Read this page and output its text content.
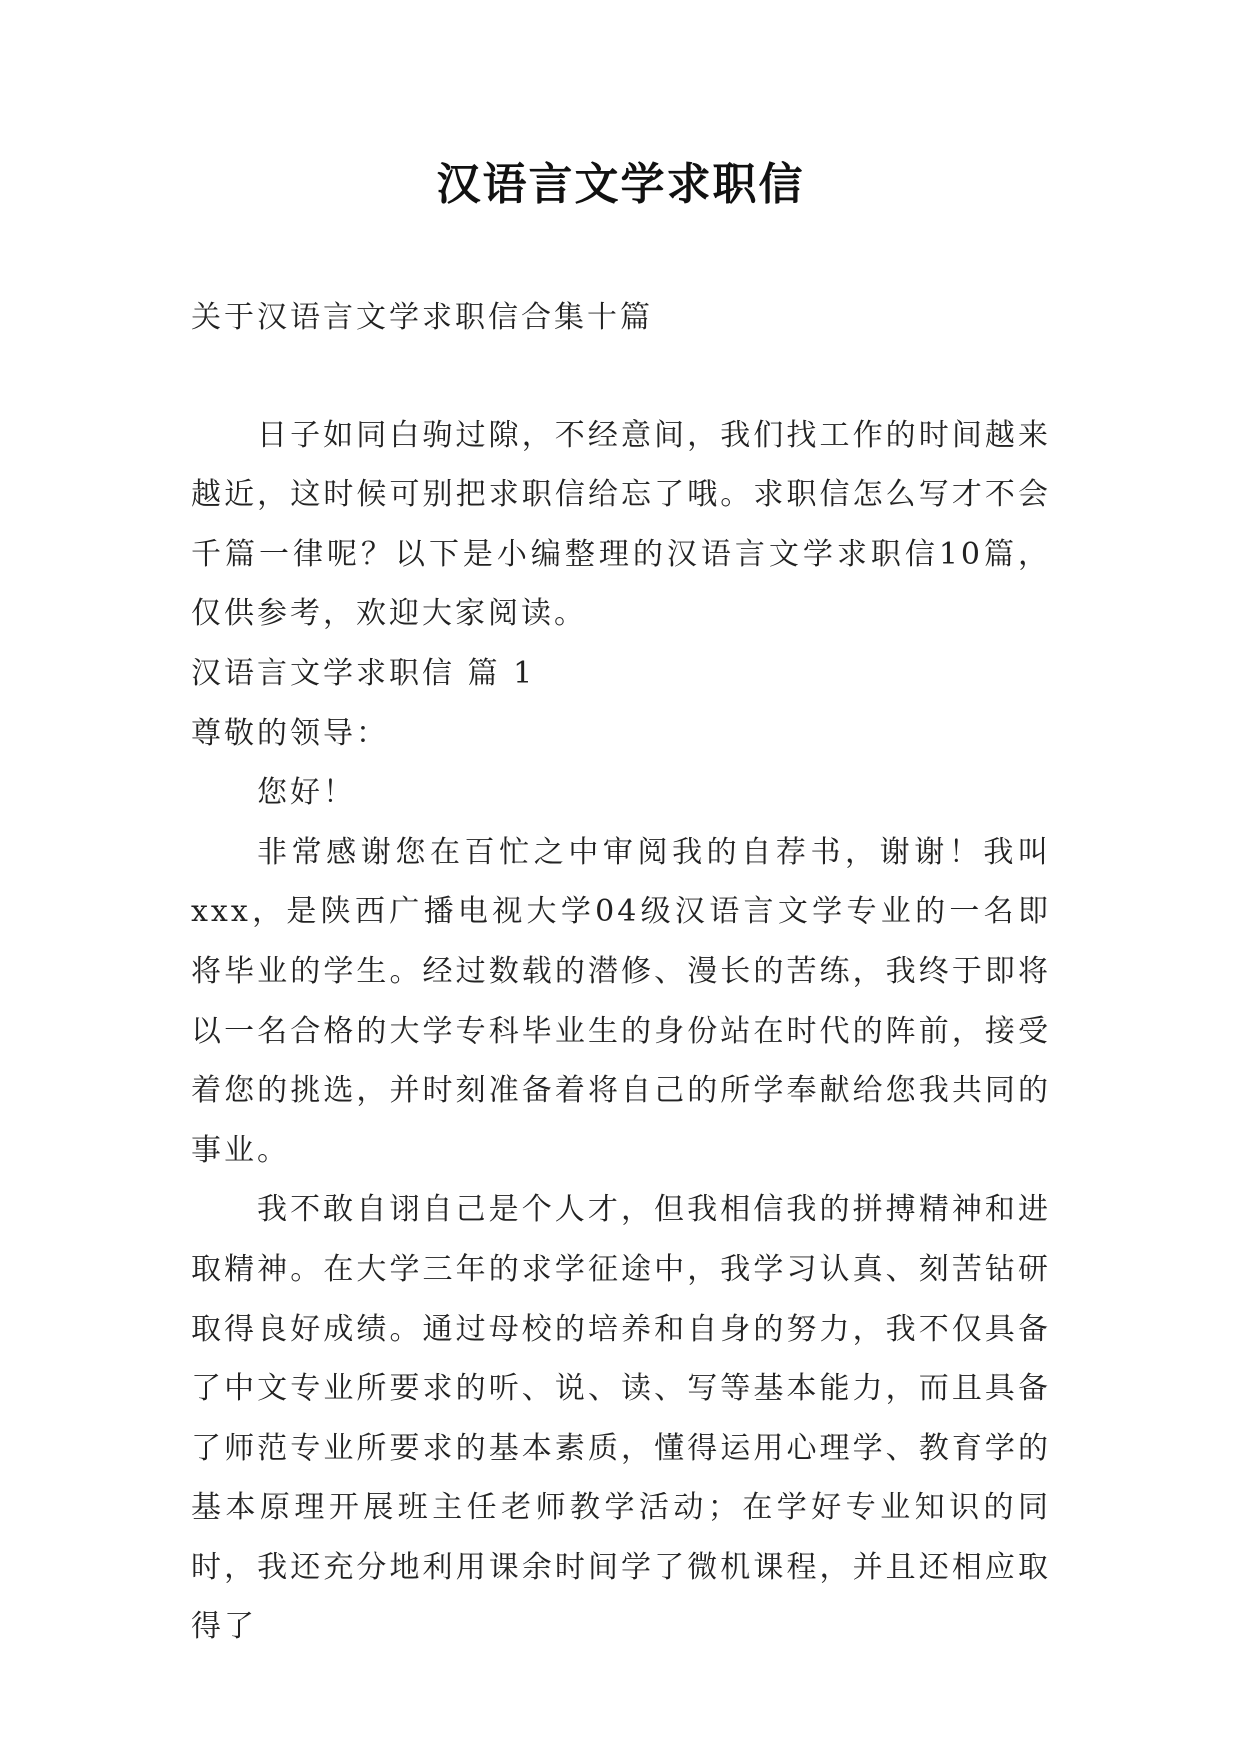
汉语言文学求职信

关于汉语言文学求职信合集十篇

日子如同白驹过隙，不经意间，我们找工作的时间越来越近，这时候可别把求职信给忘了哦。求职信怎么写才不会千篇一律呢？以下是小编整理的汉语言文学求职信10篇，仅供参考，欢迎大家阅读。

汉语言文学求职信 篇 1

尊敬的领导：

您好！

非常感谢您在百忙之中审阅我的自荐书，谢谢！我叫xxx，是陕西广播电视大学04级汉语言文学专业的一名即将毕业的学生。经过数载的潜修、漫长的苦练，我终于即将以一名合格的大学专科毕业生的身份站在时代的阵前，接受着您的挑选，并时刻准备着将自己的所学奉献给您我共同的事业。

我不敢自诩自己是个人才，但我相信我的拼搏精神和进取精神。在大学三年的求学征途中，我学习认真、刻苦钻研取得良好成绩。通过母校的培养和自身的努力，我不仅具备了中文专业所要求的听、说、读、写等基本能力，而且具备了师范专业所要求的基本素质，懂得运用心理学、教育学的基本原理开展班主任老师教学活动；在学好专业知识的同时，我还充分地利用课余时间学了微机课程，并且还相应取得了
